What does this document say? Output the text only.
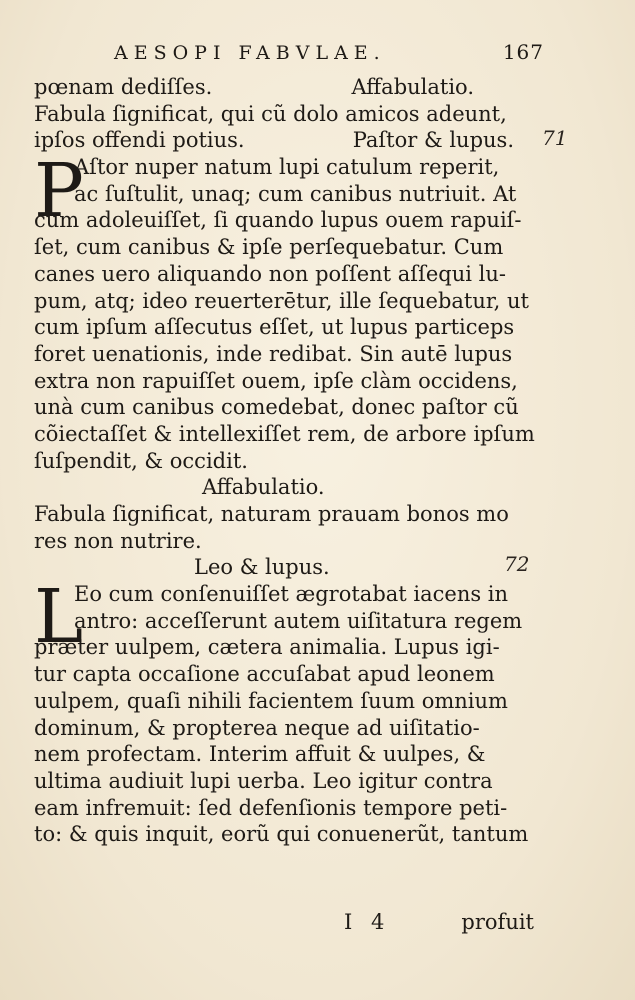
AESOPI FABVLAE.	167
pœnam dediſſes.	Affabulatio.
Fabula ſignificat, qui cũ dolo amicos adeunt,
ipſos offendi potius.	Paſtor & lupus.
P
71
Aſtor nuper natum lupi catulum reperit,
ac ſuſtulit, unaq; cum canibus nutriuit. At
cum adoleuiſſet, ſi quando lupus ouem rapuiſ-
ſet, cum canibus & ipſe perſequebatur. Cum
canes uero aliquando non poſſent aſſequi lu-
pum, atq; ideo reuerterētur, ille ſequebatur, ut
cum ipſum aſſecutus eſſet, ut lupus particeps
foret uenationis, inde redibat. Sin autē lupus
extra non rapuiſſet ouem, ipſe clàm occidens,
unà cum canibus comedebat, donec paſtor cũ
cõiectaſſet & intellexiſſet rem, de arbore ipſum
ſuſpendit, & occidit.
Affabulatio.
Fabula ſignificat, naturam prauam bonos mo
res non nutrire.
Leo & lupus.	72
L
Eo cum conſenuiſſet ægrotabat iacens in
antro: acceſſerunt autem uiſitatura regem
præter uulpem, cætera animalia. Lupus igi-
tur capta occaſione accuſabat apud leonem
uulpem, quaſi nihili facientem ſuum omnium
dominum, & propterea neque ad uiſitatio-
nem profectam. Interim affuit & uulpes, &
ultima audiuit lupi uerba. Leo igitur contra
eam infremuit: ſed defenſionis tempore peti-
to: & quis inquit, eorũ qui conuenerũt, tantum
I 4	profuit
